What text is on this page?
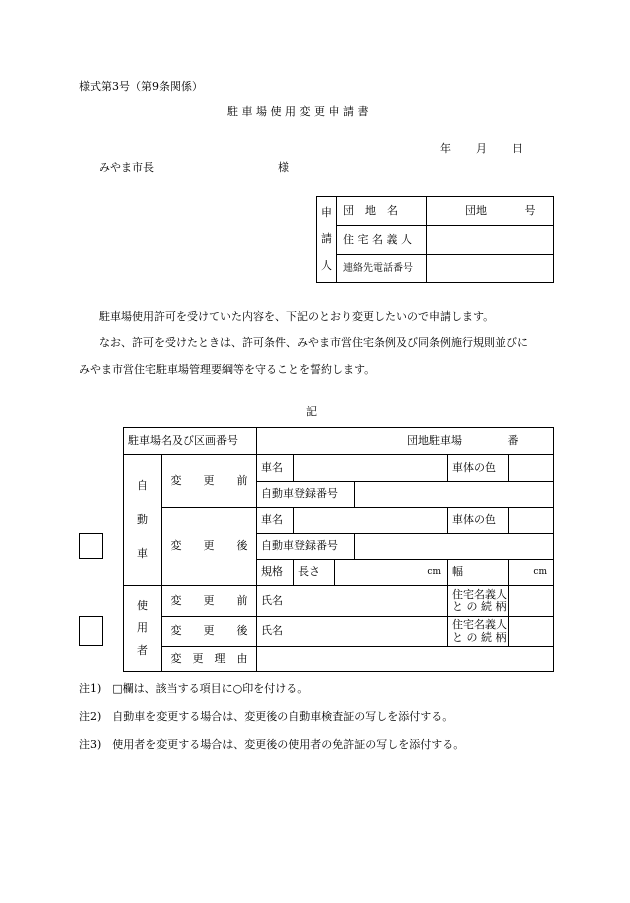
様式第3号（第9条関係）
駐 車 場 使 用 変 更 申 請 書
年 月 日
みやま市長	様
申
請
人	団　地　名	団地 号
	住 宅 名 義 人	
	連絡先電話番号	
駐車場使用許可を受けていた内容を、下記のとおり変更したいので申請します。
なお、許可を受けたときは、許可条件、みやま市営住宅条例及び同条例施行規則並びに
みやま市営住宅駐車場管理要綱等を守ることを誓約します。
記
駐車場名及び区画番号		団地駐車場 番					

自
動
車	変　　更　　前	車名				車体の色	
		自動車登録番号					
	変　　更　　後	車名				車体の色	
		自動車登録番号					
		規格	長さ	cm		幅	cm

使
用
者	変　　更　　前	氏名				住宅名義人
と の 続 柄	

	変　　更　　後	氏名				住宅名義人
と の 続 柄	

	変　更　理　由						
注1)　□欄は、該当する項目に○印を付ける。
注2)　自動車を変更する場合は、変更後の自動車検査証の写しを添付する。
注3)　使用者を変更する場合は、変更後の使用者の免許証の写しを添付する。
